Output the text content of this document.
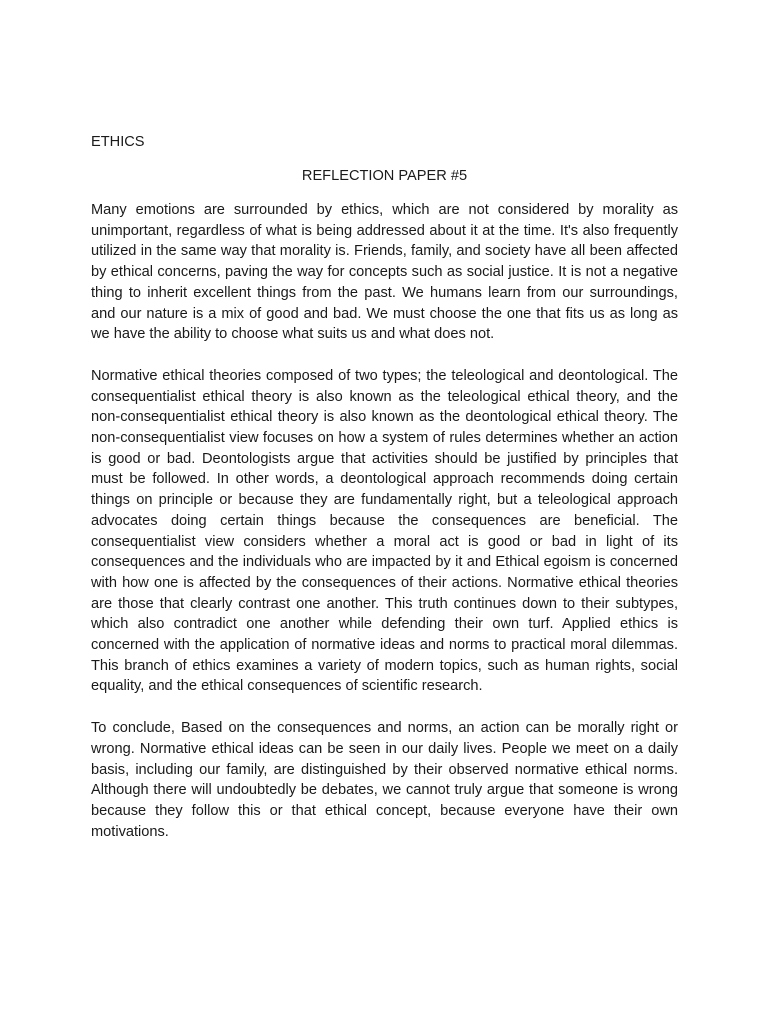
ETHICS

REFLECTION PAPER #5

Many emotions are surrounded by ethics, which are not considered by morality as unimportant, regardless of what is being addressed about it at the time. It's also frequently utilized in the same way that morality is. Friends, family, and society have all been affected by ethical concerns, paving the way for concepts such as social justice. It is not a negative thing to inherit excellent things from the past. We humans learn from our surroundings, and our nature is a mix of good and bad. We must choose the one that fits us as long as we have the ability to choose what suits us and what does not.

Normative ethical theories composed of two types; the teleological and deontological. The consequentialist ethical theory is also known as the teleological ethical theory, and the non-consequentialist ethical theory is also known as the deontological ethical theory. The non-consequentialist view focuses on how a system of rules determines whether an action is good or bad. Deontologists argue that activities should be justified by principles that must be followed. In other words, a deontological approach recommends doing certain things on principle or because they are fundamentally right, but a teleological approach advocates doing certain things because the consequences are beneficial. The consequentialist view considers whether a moral act is good or bad in light of its consequences and the individuals who are impacted by it and Ethical egoism is concerned with how one is affected by the consequences of their actions. Normative ethical theories are those that clearly contrast one another. This truth continues down to their subtypes, which also contradict one another while defending their own turf. Applied ethics is concerned with the application of normative ideas and norms to practical moral dilemmas. This branch of ethics examines a variety of modern topics, such as human rights, social equality, and the ethical consequences of scientific research.

To conclude, Based on the consequences and norms, an action can be morally right or wrong. Normative ethical ideas can be seen in our daily lives. People we meet on a daily basis, including our family, are distinguished by their observed normative ethical norms. Although there will undoubtedly be debates, we cannot truly argue that someone is wrong because they follow this or that ethical concept, because everyone have their own motivations.
